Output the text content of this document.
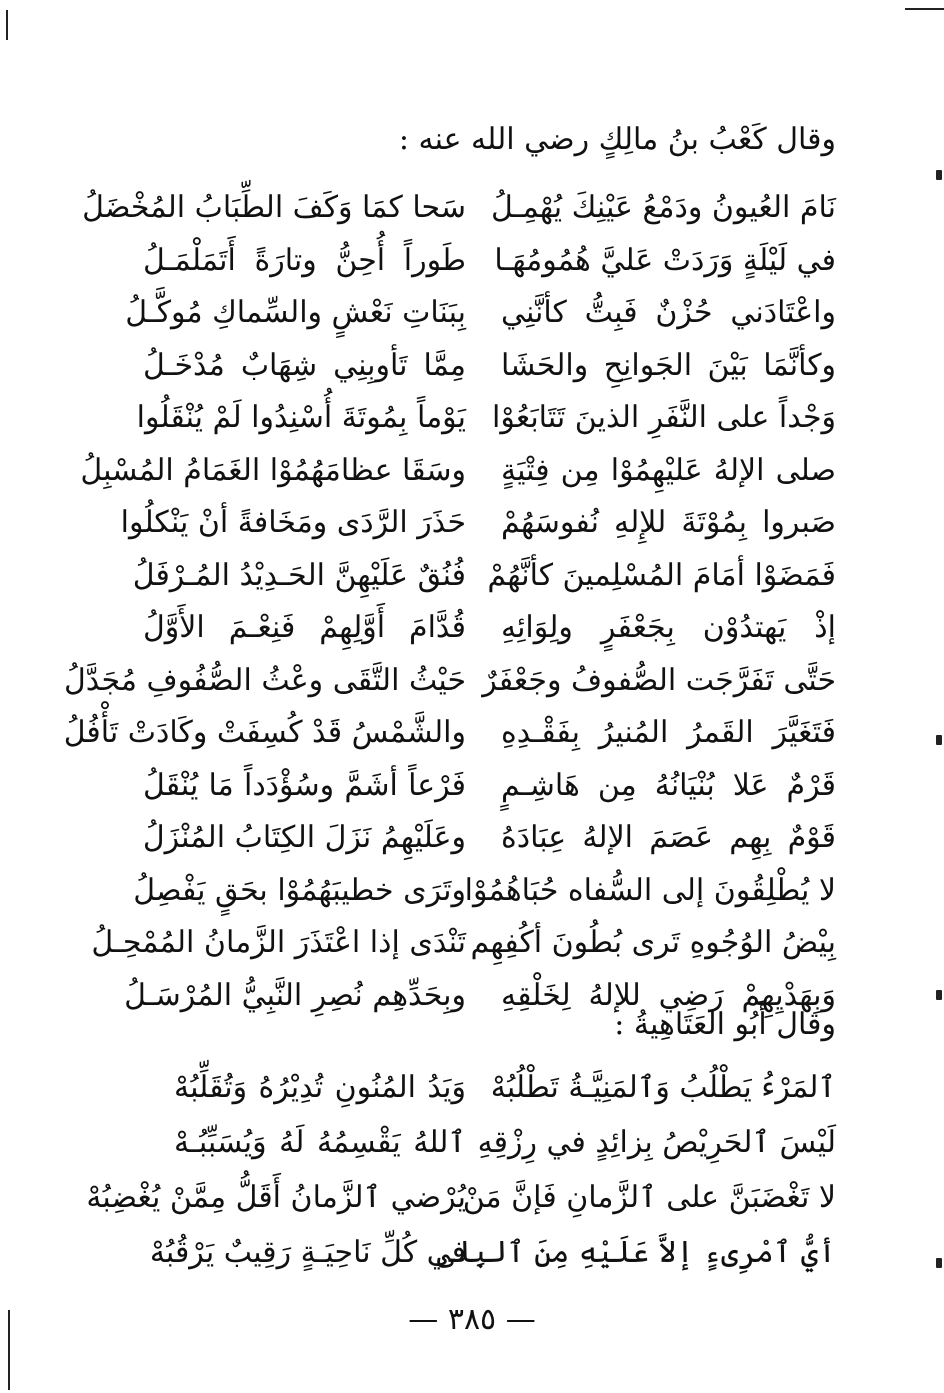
وقال كَعْبُ بنُ مالِكٍ رضي الله عنه :
نَامَ العُيونُ ودَمْعُ عَيْنِكَ يُهْمِـلُ
سَحا كمَا وَكَفَ الطِّبَابُ المُخْضَلُ
في لَيْلَةٍ وَرَدَتْ عَليَّ هُمُومُهَـا
طَوراً أُحِنُّ وتارَةً أَتَمَلْمَـلُ
واعْتَادَني حُزْنٌ فَبِتُّ كأنَّنِي
بِبَنَاتِ نَعْشٍ والسِّماكِ مُوكَّـلُ
وكأنَّمَا بَيْنَ الجَوانِحِ والحَشَا
مِمَّا تَأوبِنِي شِهَابٌ مُدْخَـلُ
وَجْداً على النَّفَرِ الذينَ تَتَابَعُوْا
يَوْماً بِمُوتَةَ أُسْنِدُوا لَمْ يُنْقَلُوا
صلى الإلهُ عَليْهِمُوْا مِن فِتْيَةٍ
وسَقَا عظامَهُمُوْا الغَمَامُ المُسْبِلُ
صَبروا بِمُوْتَةَ للإِلهِ نُفوسَهُمْ
حَذَرَ الرَّدَى ومَخَافةً أنْ يَنْكلُوا
فَمَضَوْا أمَامَ المُسْلِمينَ كأنَّهُمْ
فُنُقٌ عَلَيْهِنَّ الحَـدِيْدُ المُـرْفَلُ
إذْ يَهتدُوْن بِجَعْفَرٍ ولِوَائِهِ
قُدَّامَ أَوَّلِهِمْ فَنِعْـمَ الأَوَّلُ
حَتَّى تَفَرَّجَت الصُّفوفُ وجَعْفَرٌ
حَيْثُ التَّقَى وعْثُ الصُّفُوفِ مُجَدَّلُ
فَتَغَيَّرَ القَمرُ المُنيرُ بِفَقْـدِهِ
والشَّمْسُ قَدْ كُسِفَتْ وكَادَتْ تَأْفُلُ
قَرْمٌ عَلا بُنْيَانُهُ مِن هَاشِـمٍ
فَرْعاً أشَمَّ وسُؤْدَداً مَا يُنْقَلُ
قَوْمٌ بِهِم عَصَمَ الإلهُ عِبَادَهُ
وعَلَيْهِمُ نَزَلَ الكِتَابُ المُنْزَلُ
لا يُطْلِقُونَ إلى السُّفاه حُبَاهُمُوْا
وتَرَى خطيبَهُمُوْا بحَقٍ يَفْصِلُ
بِيْضُ الوُجُوهِ تَرى بُطُونَ أكُفِهِم
تَنْدَى إذا اعْتَذَرَ الزَّمانُ المُمْحِـلُ
وَبِهَدْيِهِمْ رَضِي للإلهُ لِخَلْقِهِ
وبِحَدِّهِم نُصِرِ النَّبِيُّ المُرْسَـلُ
وقال أَبُو العَتَاهِيةُ :
ٱلمَرْءُ يَطْلُبُ وَٱلمَنِيَّـةُ تَطْلُبُهْ
وَيَدُ المُنُونِ تُدِيْرُهُ وَتُقَلِّبُهْ
لَيْسَ ٱلحَرِيْصُ بِزائِدٍ في رِزْقِهِ
ٱللهُ يَقْسِمُهُ لَهُ وَيُسَبِّبُـهْ
لا تَغْضَبَنَّ على ٱلزَّمانِ فَإنَّ مَنْ
يُرْضي ٱلزَّمانُ أَقَلُّ مِمَّنْ يُغْضِبُهْ
أيُّ ٱمْرِىءٍ إلاَّ عَلَيْهِ مِنَ ٱلبِلى
في كُلِّ نَاحِيَـةٍ رَقِيبٌ يَرْقُبُهْ
— ٣٨٥ —
